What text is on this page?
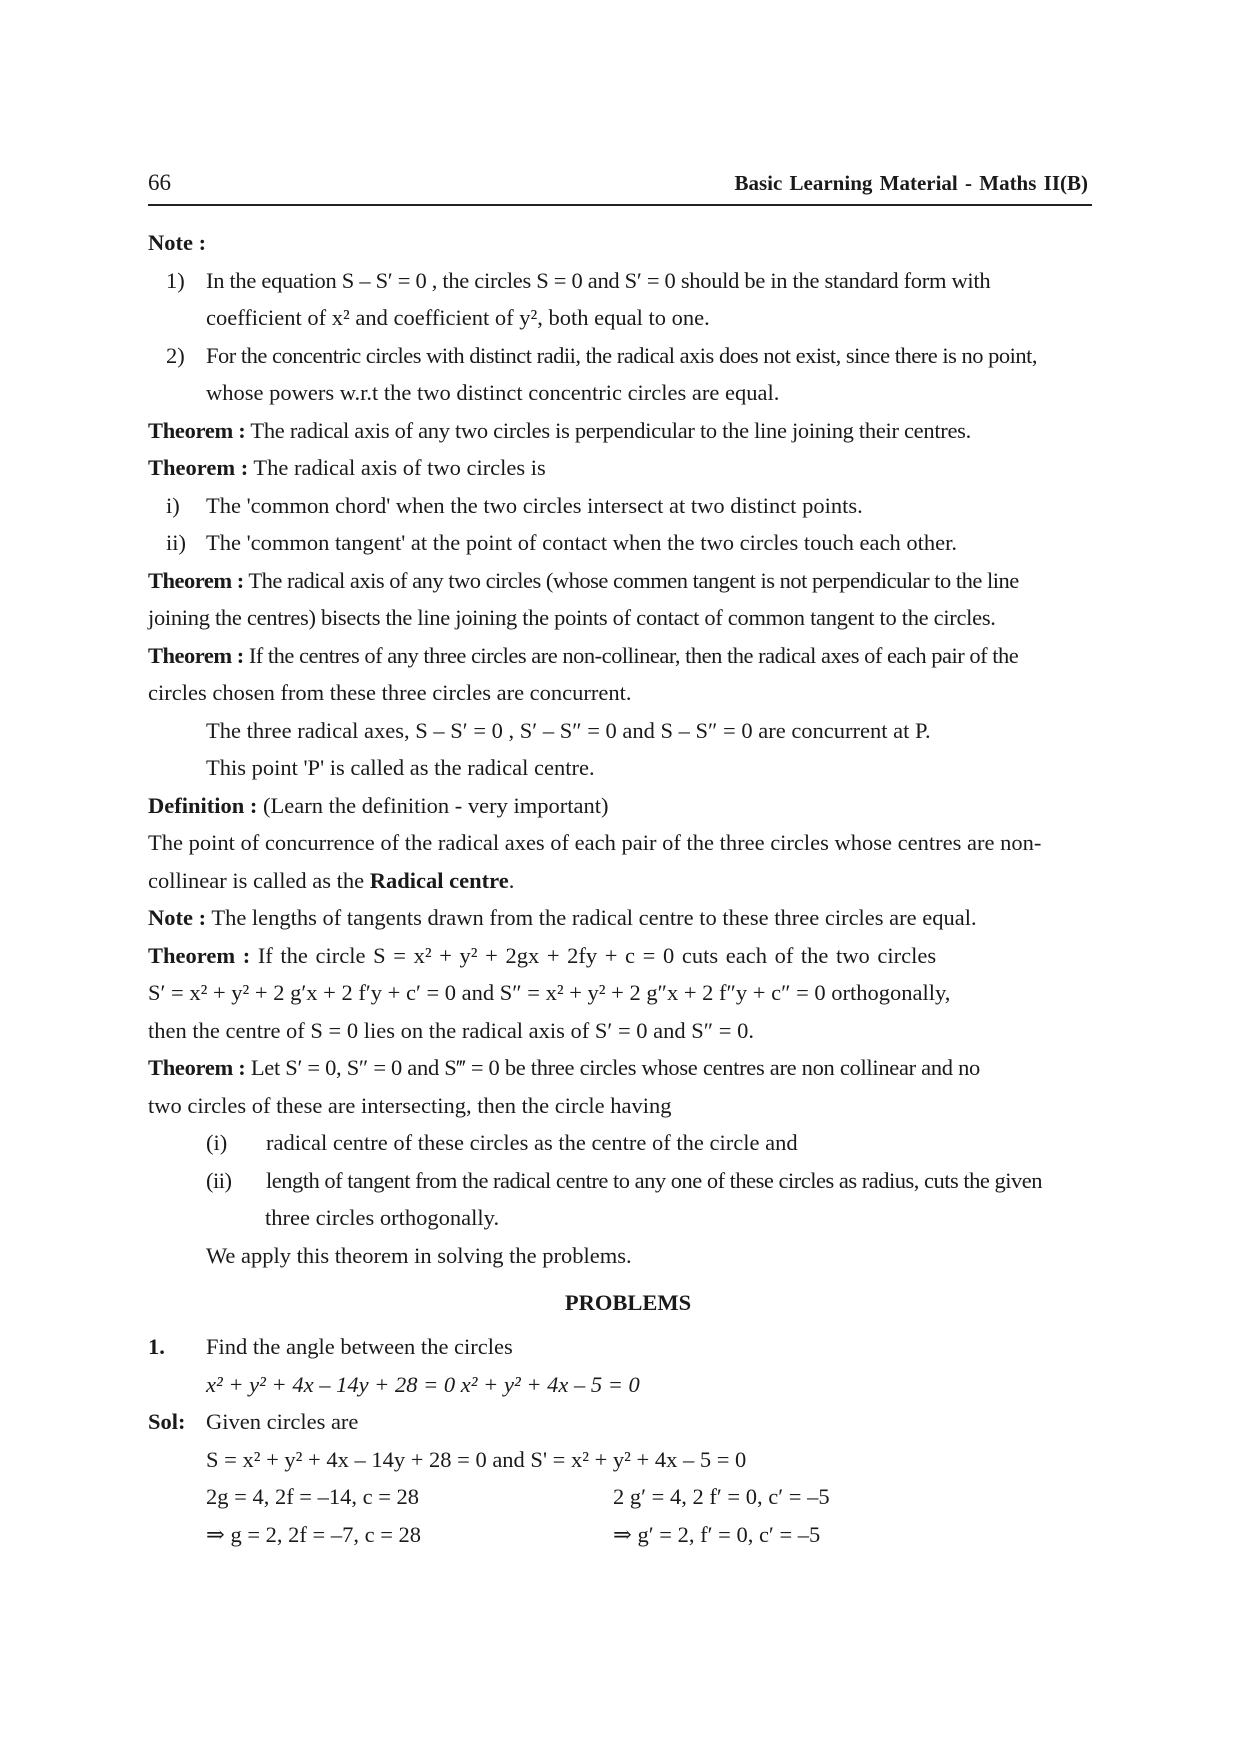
66	Basic Learning Material - Maths II(B)
Note :
1) In the equation S – S′ = 0 , the circles S = 0 and S′ = 0 should be in the standard form with
coefficient of x² and coefficient of y², both equal to one.
2) For the concentric circles with distinct radii, the radical axis does not exist, since there is no point,
whose powers w.r.t the two distinct concentric circles are equal.
Theorem : The radical axis of any two circles is perpendicular to the line joining their centres.
Theorem : The radical axis of two circles is
i) The 'common chord' when the two circles intersect at two distinct points.
ii) The 'common tangent' at the point of contact when the two circles touch each other.
Theorem : The radical axis of any two circles (whose commen tangent is not perpendicular to the line
joining the centres) bisects the line joining the points of contact of common tangent to the circles.
Theorem : If the centres of any three circles are non-collinear, then the radical axes of each pair of the
circles chosen from these three circles are concurrent.
The three radical axes, S – S′ = 0 , S′ – S″ = 0 and S – S″ = 0 are concurrent at P.
This point 'P' is called as the radical centre.
Definition : (Learn the definition - very important)
The point of concurrence of the radical axes of each pair of the three circles whose centres are non-
collinear is called as the Radical centre.
Note : The lengths of tangents drawn from the radical centre to these three circles are equal.
Theorem : If the circle S = x² + y² + 2gx + 2fy + c = 0 cuts each of the two circles
S′ = x² + y² + 2 g′x + 2 f′y + c′ = 0 and S″ = x² + y² + 2 g″x + 2 f″y + c″ = 0 orthogonally,
then the centre of S = 0 lies on the radical axis of S′ = 0 and S″ = 0.
Theorem : Let S′ = 0, S″ = 0 and S‴ = 0 be three circles whose centres are non collinear and no
two circles of these are intersecting, then the circle having
(i) radical centre of these circles as the centre of the circle and
(ii) length of tangent from the radical centre to any one of these circles as radius, cuts the given
three circles orthogonally.
We apply this theorem in solving the problems.
PROBLEMS
1. Find the angle between the circles
x² + y² + 4x – 14y + 28 = 0 x² + y² + 4x – 5 = 0
Sol: Given circles are
S = x² + y² + 4x – 14y + 28 = 0 and S' = x² + y² + 4x – 5 = 0
2g = 4, 2f = –14, c = 28	2 g′ = 4, 2 f′ = 0, c′ = –5
⇒ g = 2, 2f = –7, c = 28	⇒ g′ = 2, f′ = 0, c′ = –5
